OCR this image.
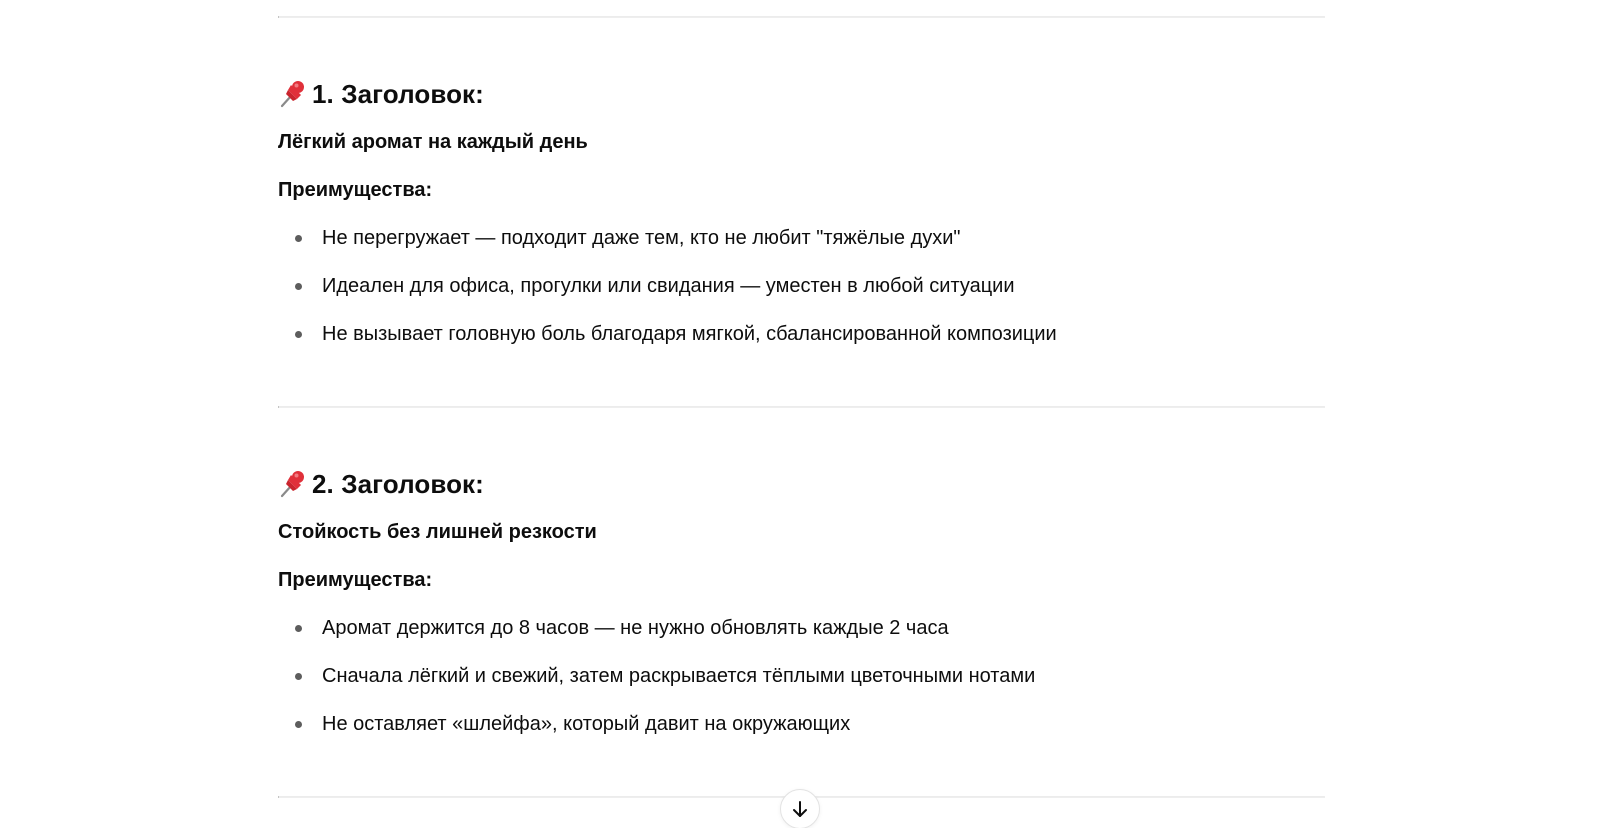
1. Заголовок:

Лёгкий аромат на каждый день

Преимущества:

Не перегружает — подходит даже тем, кто не любит "тяжёлые духи"
Идеален для офиса, прогулки или свидания — уместен в любой ситуации
Не вызывает головную боль благодаря мягкой, сбалансированной композиции
2. Заголовок:

Стойкость без лишней резкости

Преимущества:

Аромат держится до 8 часов — не нужно обновлять каждые 2 часа
Сначала лёгкий и свежий, затем раскрывается тёплыми цветочными нотами
Не оставляет «шлейфа», который давит на окружающих
